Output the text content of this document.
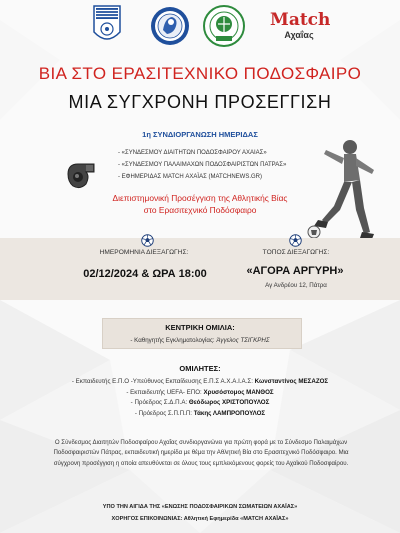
Match
Αχαΐας
ΒΙΑ ΣΤΟ ΕΡΑΣΙΤΕΧΝΙΚΟ ΠΟΔΟΣΦΑΙΡΟ
ΜΙΑ ΣΥΓΧΡΟΝΗ ΠΡΟΣΕΓΓΙΣΗ
1η ΣΥΝΔΙΟΡΓΑΝΩΣΗ ΗΜΕΡΙΔΑΣ
- «ΣΥΝΔΕΣΜΟΥ ΔΙΑΙΤΗΤΩΝ ΠΟΔΟΣΦΑΙΡΟΥ ΑΧΑΙΑΣ»
- «ΣΥΝΔΕΣΜΟΥ ΠΑΛΑΙΜΑΧΩΝ ΠΟΔΟΣΦΑΙΡΙΣΤΩΝ ΠΑΤΡΑΣ»
- ΕΦΗΜΕΡΙΔΑΣ MATCH ΑΧΑΪΑΣ (MATCHNEWS.GR)
Διεπιστημονική Προσέγγιση της Αθλητικής Βίας
στο Ερασιτεχνικό Ποδόσφαιρο
ΗΜΕΡΟΜΗΝΙΑ ΔΙΕΞΑΓΩΓΗΣ:
02/12/2024 & ΩΡΑ 18:00
ΤΟΠΟΣ ΔΙΕΞΑΓΩΓΗΣ:
«ΑΓΟΡΑ ΑΡΓΥΡΗ»
Αγ Ανδρέου 12, Πάτρα
ΚΕΝΤΡΙΚΗ ΟΜΙΛΙΑ:
- Καθηγητής Εγκληματολογίας: Άγγελος ΤΣΙΓΚΡΗΣ
ΟΜΙΛΗΤΕΣ:
- Εκπαιδευτής Ε.Π.Ο -Υπεύθυνος Εκπαίδευσης Ε.Π.Σ Α.Χ.Α.Ι.Α.Σ: Κωνσταντίνος ΜΕΣΑΖΟΣ
- Εκπαιδευτής UEFA- ΕΠΟ: Χρυσόστομος ΜΑΝΘΟΣ
- Πρόεδρος Σ.Δ.Π.Α: Θεόδωρος ΧΡΙΣΤΟΠΟΥΛΟΣ
- Πρόεδρος Σ.Π.Π.Π: Τάκης ΛΑΜΠΡΟΠΟΥΛΟΣ
Ο Σύνδεσμος Διαιτητών Ποδοσφαίρου Αχαΐας συνδιοργανώνει για πρώτη φορά με το Σύνδεσμο Παλαιμάχων Ποδοσφαιριστών Πάτρας, εκπαιδευτική ημερίδα με θέμα την Αθλητική Βία στο Ερασιτεχνικό Ποδόσφαιρο. Μια σύγχρονη προσέγγιση η οποία απευθύνεται σε όλους τους εμπλεκόμενους φορείς του Αχαϊκού Ποδοσφαίρου.
ΥΠΟ ΤΗΝ ΑΙΓΙΔΑ ΤΗΣ «ΕΝΩΣΗΣ ΠΟΔΟΣΦΑΙΡΙΚΩΝ ΣΩΜΑΤΕΙΩΝ ΑΧΑΪΑΣ»
ΧΟΡΗΓΟΣ ΕΠΙΚΟΙΝΩΝΙΑΣ: Αθλητική Εφημερίδα «MATCH ΑΧΑΪΑΣ»
